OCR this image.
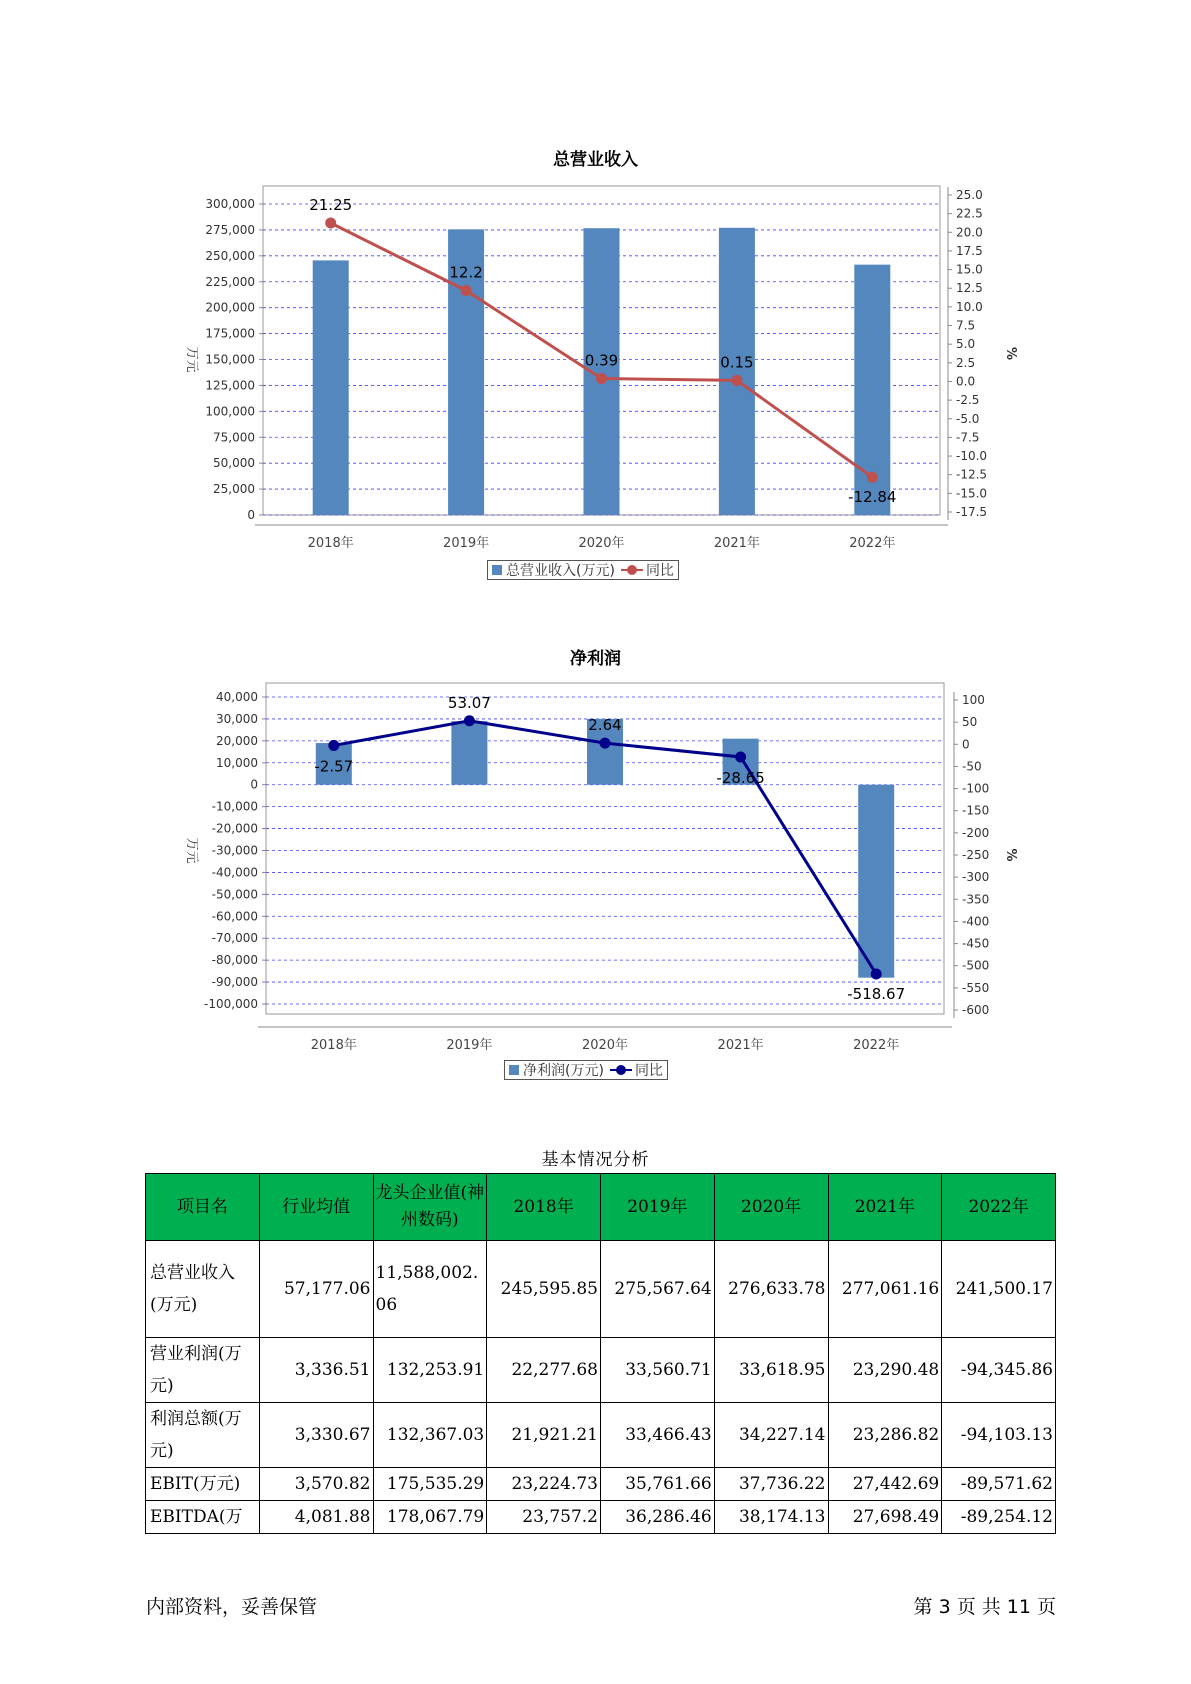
总营业收入
0
25,000
50,000
75,000
100,000
125,000
150,000
175,000
200,000
225,000
250,000
275,000
300,000
-17.5
-15.0
-12.5
-10.0
-7.5
-5.0
-2.5
0.0
2.5
5.0
7.5
10.0
12.5
15.0
17.5
20.0
22.5
25.0
2018年	2019年	2020年	2021年	2022年
万元	%
21.25
12.2
0.39	0.15
-12.84
总营业收入(万元) 同比
净利润
-100,000
-90,000
-80,000
-70,000
-60,000
-50,000
-40,000
-30,000
-20,000
-10,000
0
10,000
20,000
30,000
40,000
-600
-550
-500
-450
-400
-350
-300
-250
-200
-150
-100
-50
0
50
100
2018年	2019年	2020年	2021年	2022年
万元	%
-2.57
53.07
2.64
-28.65
-518.67
净利润(万元) 同比
基本情况分析
项目名	行业均值	龙头企业值(神州数码)	2018年	2019年	2020年	2021年	2022年
总营业收入(万元)	57,177.06	11,588,002.06	245,595.85	275,567.64	276,633.78	277,061.16	241,500.17
营业利润(万元)	3,336.51	132,253.91	22,277.68	33,560.71	33,618.95	23,290.48	-94,345.86
利润总额(万元)	3,330.67	132,367.03	21,921.21	33,466.43	34,227.14	23,286.82	-94,103.13
EBIT(万元)	3,570.82	175,535.29	23,224.73	35,761.66	37,736.22	27,442.69	-89,571.62
EBITDA(万	4,081.88	178,067.79	23,757.2	36,286.46	38,174.13	27,698.49	-89,254.12
内部资料，妥善保管	第 3 页 共 11 页
